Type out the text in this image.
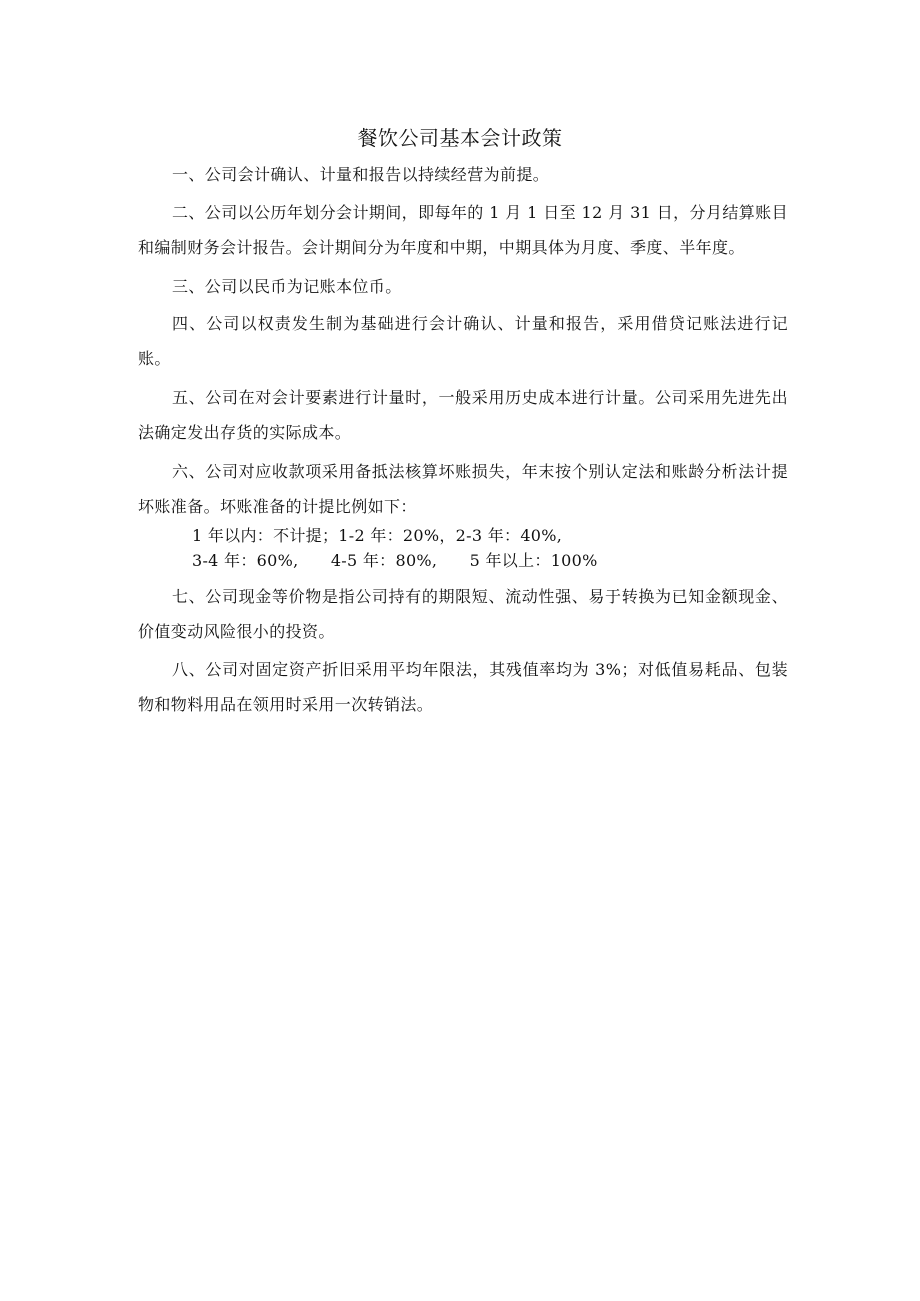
餐饮公司基本会计政策

一、公司会计确认、计量和报告以持续经营为前提。

二、公司以公历年划分会计期间，即每年的 1 月 1 日至 12 月 31 日，分月结算账目和编制财务会计报告。会计期间分为年度和中期，中期具体为月度、季度、半年度。

三、公司以民币为记账本位币。

四、公司以权责发生制为基础进行会计确认、计量和报告，采用借贷记账法进行记账。

五、公司在对会计要素进行计量时，一般采用历史成本进行计量。公司采用先进先出法确定发出存货的实际成本。

六、公司对应收款项采用备抵法核算坏账损失，年末按个别认定法和账龄分析法计提坏账准备。坏账准备的计提比例如下：

1 年以内：不计提；1-2 年：20%，2-3 年：40%,
3-4 年：60%,      4-5 年：80%,      5 年以上：100%

七、公司现金等价物是指公司持有的期限短、流动性强、易于转换为已知金额现金、价值变动风险很小的投资。

八、公司对固定资产折旧采用平均年限法，其残值率均为 3%；对低值易耗品、包装物和物料用品在领用时采用一次转销法。
